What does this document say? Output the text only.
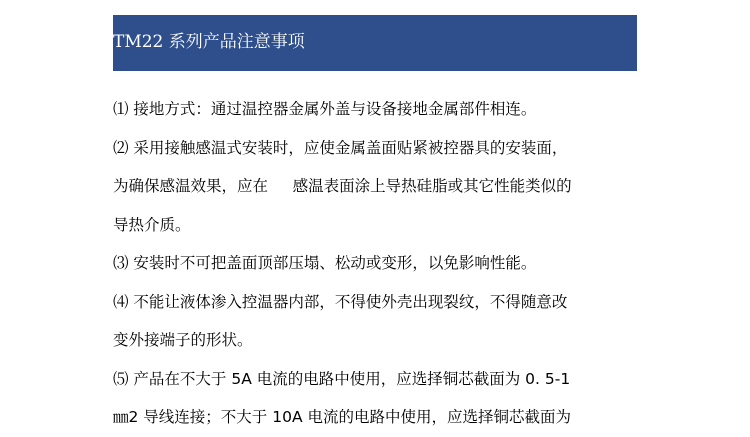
TM22 系列产品注意事项
⑴ 接地方式：通过温控器金属外盖与设备接地金属部件相连。
⑵ 采用接触感温式安装时，应使金属盖面贴紧被控器具的安装面，
为确保感温效果，应在     感温表面涂上导热硅脂或其它性能类似的
导热介质。
⑶ 安装时不可把盖面顶部压塌、松动或变形，以免影响性能。
⑷ 不能让液体渗入控温器内部，不得使外壳出现裂纹，不得随意改
变外接端子的形状。
⑸ 产品在不大于 5A 电流的电路中使用，应选择铜芯截面为 0. 5-1
㎜2 导线连接；不大于 10A 电流的电路中使用，应选择铜芯截面为
